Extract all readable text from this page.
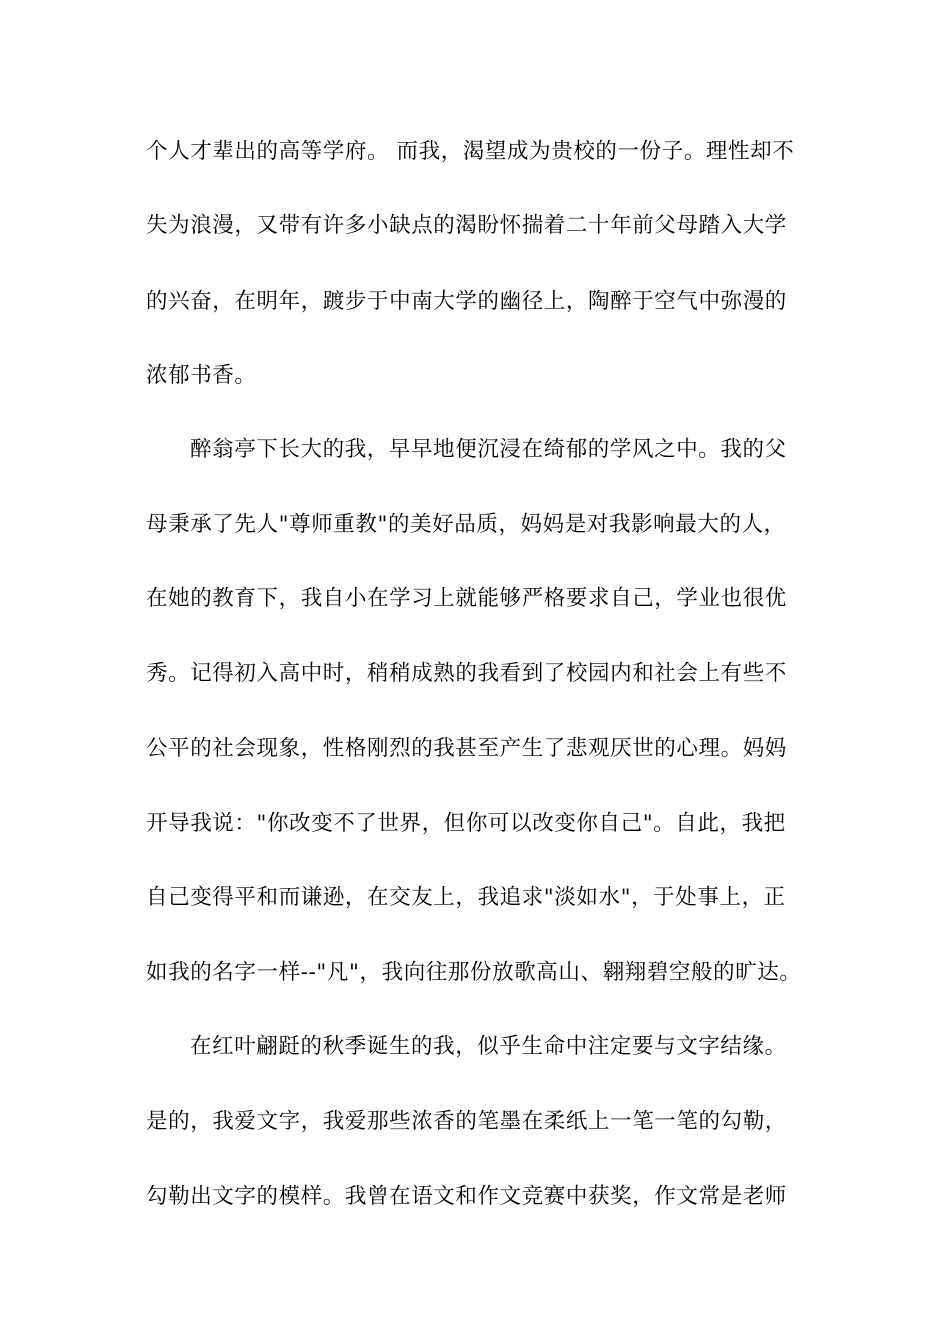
个人才辈出的高等学府。 而我，渴望成为贵校的一份子。理性却不
失为浪漫，又带有许多小缺点的渴盼怀揣着二十年前父母踏入大学
的兴奋，在明年，踱步于中南大学的幽径上，陶醉于空气中弥漫的
浓郁书香。
醉翁亭下长大的我，早早地便沉浸在绮郁的学风之中。我的父
母秉承了先人"尊师重教"的美好品质，妈妈是对我影响最大的人，
在她的教育下，我自小在学习上就能够严格要求自己，学业也很优
秀。记得初入高中时，稍稍成熟的我看到了校园内和社会上有些不
公平的社会现象，性格刚烈的我甚至产生了悲观厌世的心理。妈妈
开导我说："你改变不了世界，但你可以改变你自己"。自此，我把
自己变得平和而谦逊，在交友上，我追求"淡如水"，于处事上，正
如我的名字一样--"凡"，我向往那份放歌高山、翱翔碧空般的旷达。
在红叶翩跹的秋季诞生的我，似乎生命中注定要与文字结缘。
是的，我爱文字，我爱那些浓香的笔墨在柔纸上一笔一笔的勾勒，
勾勒出文字的模样。我曾在语文和作文竞赛中获奖，作文常是老师
